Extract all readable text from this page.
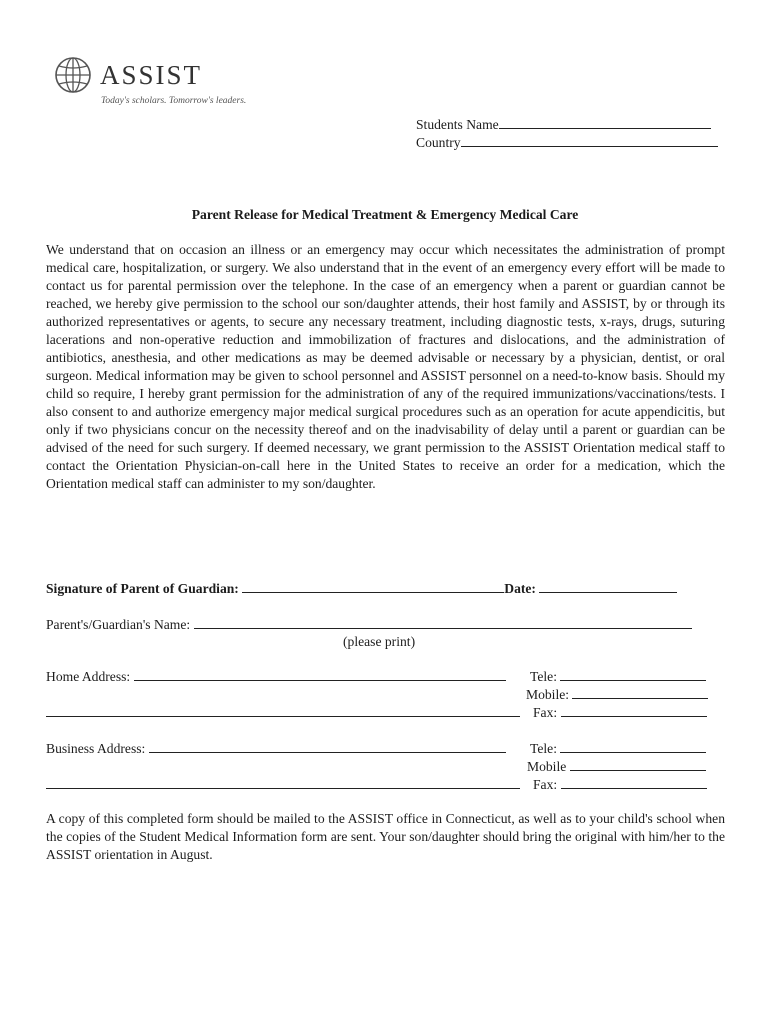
ASSIST
Today's scholars. Tomorrow's leaders.
Students Name
Country
Parent Release for Medical Treatment & Emergency Medical Care
We understand that on occasion an illness or an emergency may occur which necessitates the administration of prompt medical care, hospitalization, or surgery. We also understand that in the event of an emergency every effort will be made to contact us for parental permission over the telephone. In the case of an emergency when a parent or guardian cannot be reached, we hereby give permission to the school our son/daughter attends, their host family and ASSIST, by or through its authorized representatives or agents, to secure any necessary treatment, including diagnostic tests, x-rays, drugs, suturing lacerations and non-operative reduction and immobilization of fractures and dislocations, and the administration of antibiotics, anesthesia, and other medications as may be deemed advisable or necessary by a physician, dentist, or oral surgeon. Medical information may be given to school personnel and ASSIST personnel on a need-to-know basis. Should my child so require, I hereby grant permission for the administration of any of the required immunizations/vaccinations/tests. I also consent to and authorize emergency major medical surgical procedures such as an operation for acute appendicitis, but only if two physicians concur on the necessity thereof and on the inadvisability of delay until a parent or guardian can be advised of the need for such surgery. If deemed necessary, we grant permission to the ASSIST Orientation medical staff to contact the Orientation Physician-on-call here in the United States to receive an order for a medication, which the Orientation medical staff can administer to my son/daughter.
Signature of Parent of Guardian:	Date:
Parent's/Guardian's Name:
(please print)
Home Address:	Tele:
Mobile:
Fax:
Business Address:	Tele:
Mobile
Fax:
A copy of this completed form should be mailed to the ASSIST office in Connecticut, as well as to your child's school when the copies of the Student Medical Information form are sent. Your son/daughter should bring the original with him/her to the ASSIST orientation in August.
